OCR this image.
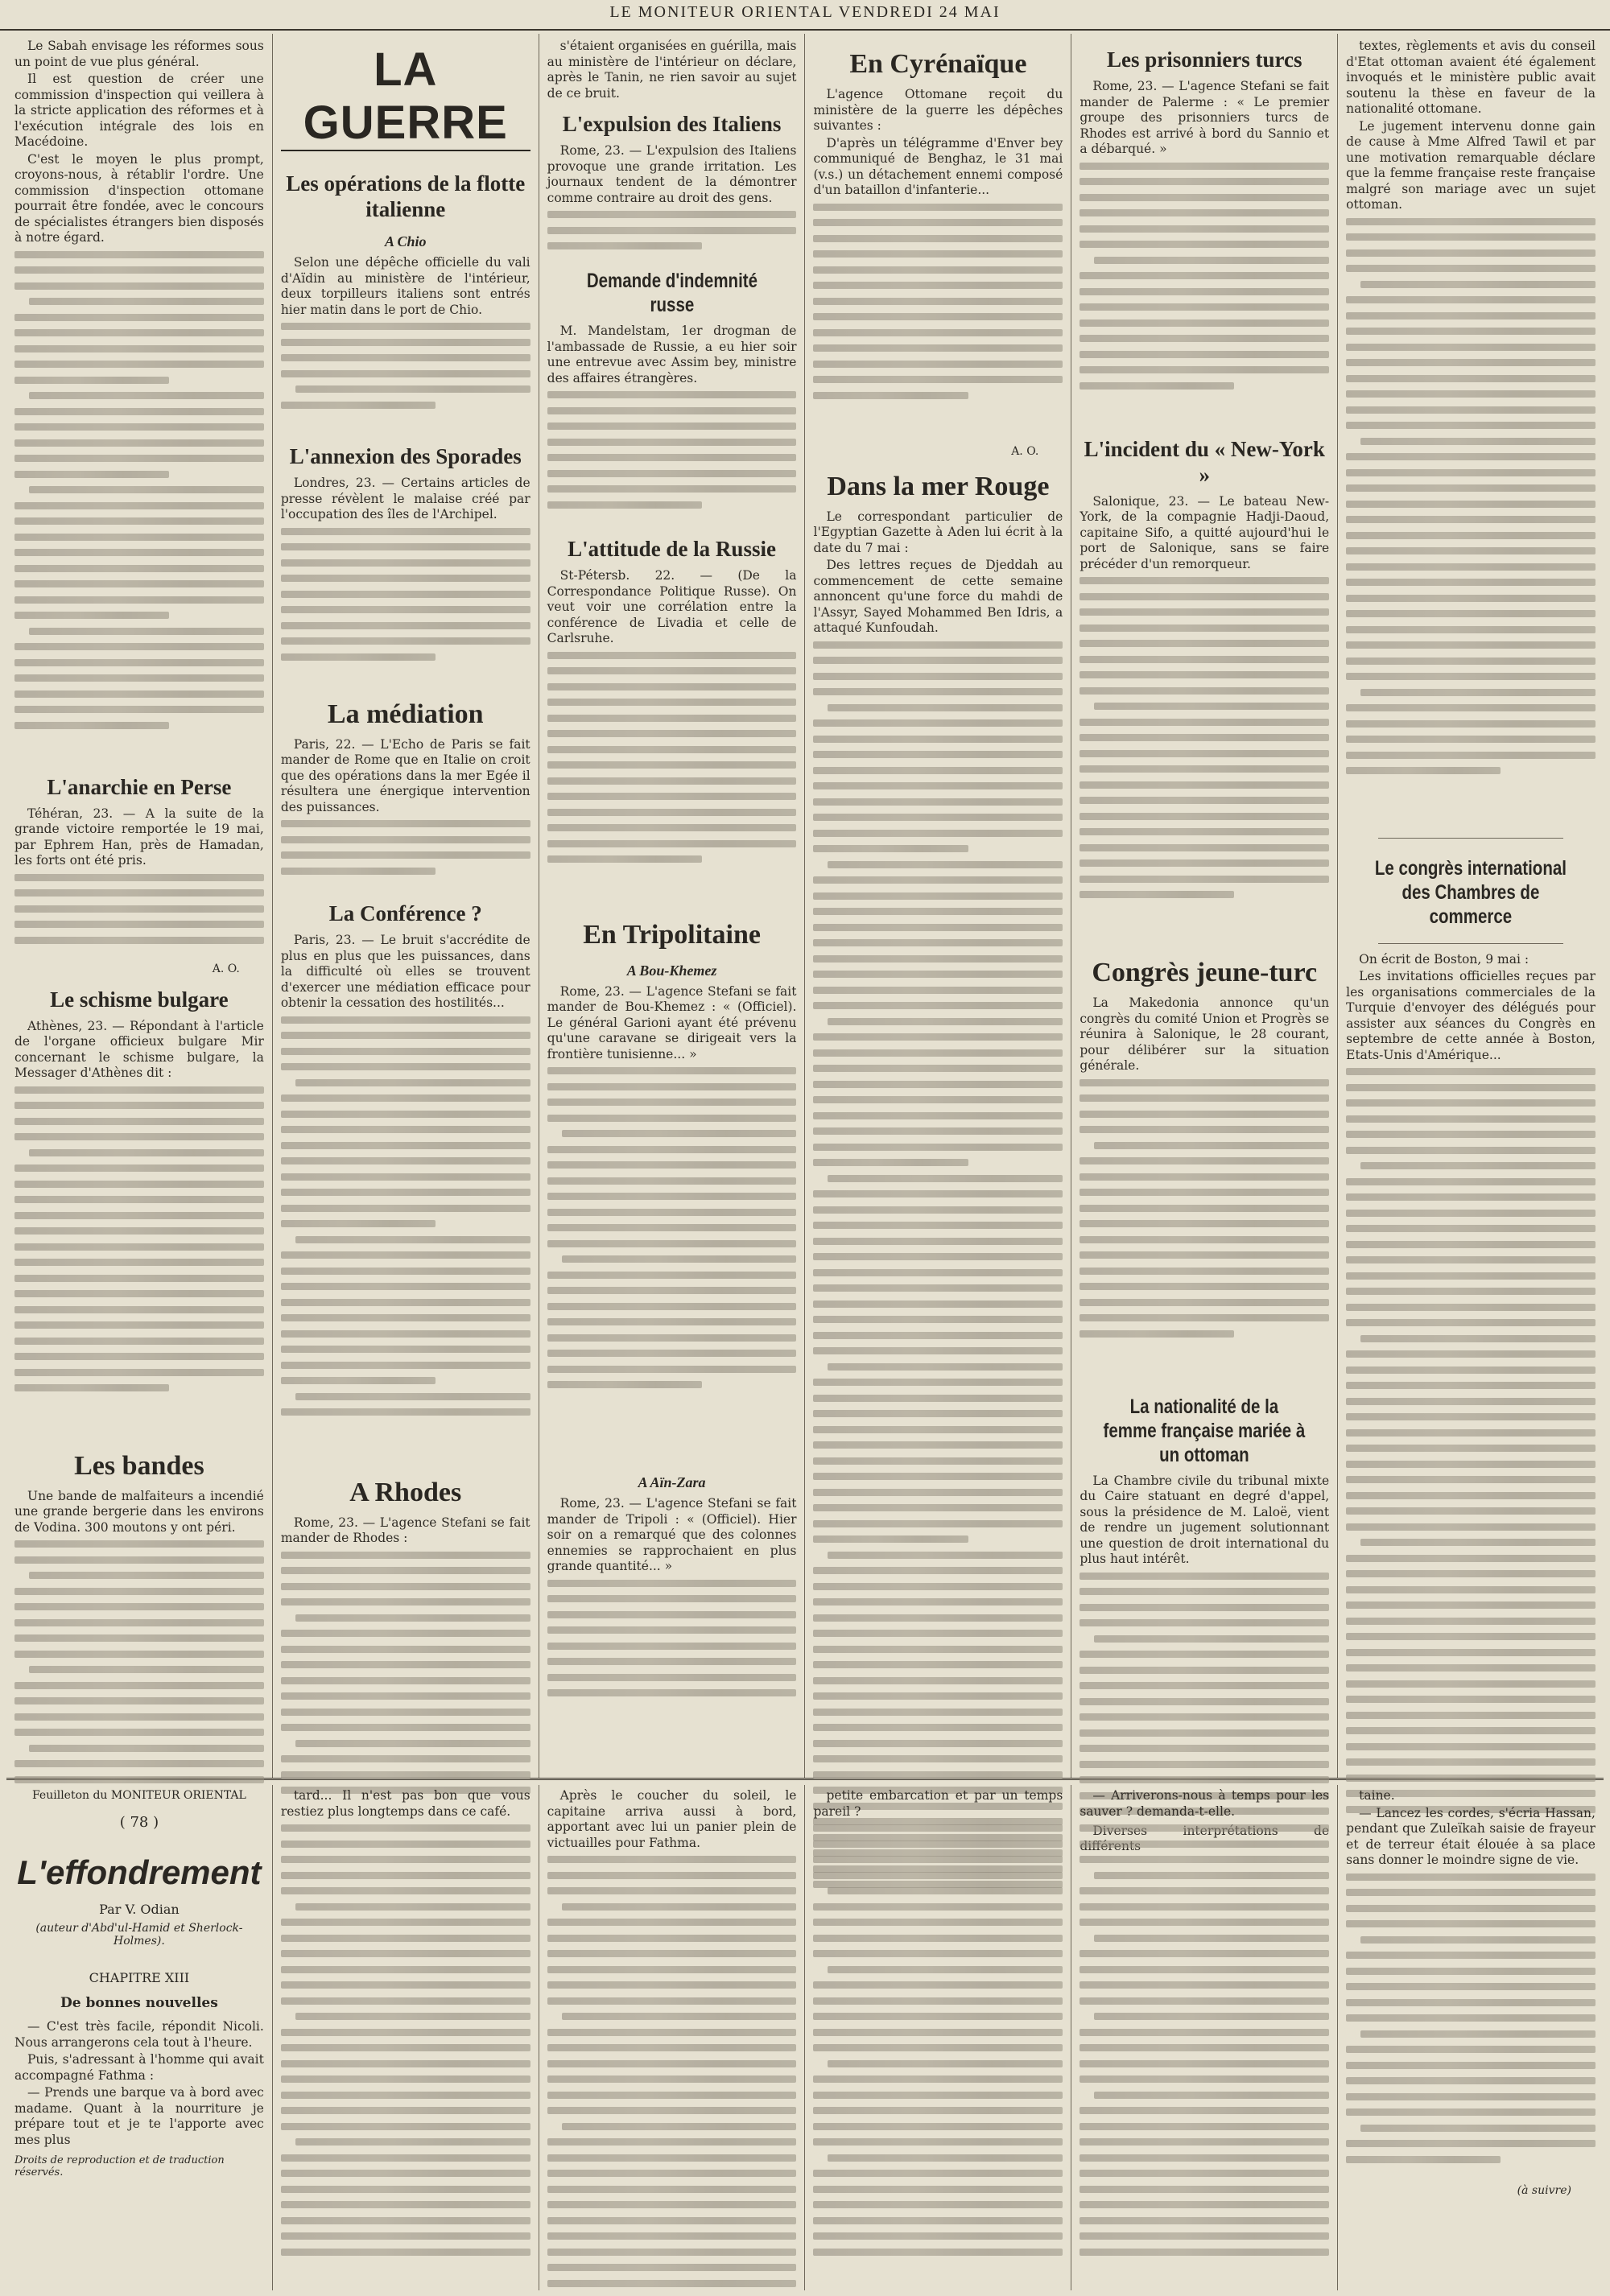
LE MONITEUR ORIENTAL VENDREDI 24 MAI

Le Sabah envisage les réformes sous un point de vue plus général.

Il est question de créer une commission d'inspection qui veillera à la stricte application des réformes et à l'exécution intégrale des lois en Macédoine.

C'est le moyen le plus prompt, croyons-nous, à rétablir l'ordre. Une commission d'inspection ottomane pourrait être fondée, avec le concours de spécialistes étrangers bien disposés à notre égard.

L'anarchie en Perse

Téhéran, 23. — A la suite de la grande victoire remportée le 19 mai, par Ephrem Han, près de Hamadan, les forts ont été pris.

A. O.
Le schisme bulgare

Athènes, 23. — Répondant à l'article de l'organe officieux bulgare Mir concernant le schisme bulgare, la Messager d'Athènes dit :

Les bandes

Une bande de malfaiteurs a incendié une grande bergerie dans les environs de Vodina. 300 moutons y ont péri.

LA GUERRE
Les opérations de la flotte italienne
A Chio

Selon une dépêche officielle du vali d'Aïdin au ministère de l'intérieur, deux torpilleurs italiens sont entrés hier matin dans le port de Chio.

L'annexion des Sporades

Londres, 23. — Certains articles de presse révèlent le malaise créé par l'occupation des îles de l'Archipel.

La médiation

Paris, 22. — L'Echo de Paris se fait mander de Rome que en Italie on croit que des opérations dans la mer Egée il résultera une énergique intervention des puissances.

La Conférence ?

Paris, 23. — Le bruit s'accrédite de plus en plus que les puissances, dans la difficulté où elles se trouvent d'exercer une médiation efficace pour obtenir la cessation des hostilités...

A Rhodes

Rome, 23. — L'agence Stefani se fait mander de Rhodes :

s'étaient organisées en guérilla, mais au ministère de l'intérieur on déclare, après le Tanin, ne rien savoir au sujet de ce bruit.

L'expulsion des Italiens

Rome, 23. — L'expulsion des Italiens provoque une grande irritation. Les journaux tendent de la démontrer comme contraire au droit des gens.

Demande d'indemnité russe

M. Mandelstam, 1er drogman de l'ambassade de Russie, a eu hier soir une entrevue avec Assim bey, ministre des affaires étrangères.

L'attitude de la Russie

St-Pétersb. 22. — (De la Correspondance Politique Russe). On veut voir une corrélation entre la conférence de Livadia et celle de Carlsruhe.

En Tripolitaine
A Bou-Khemez

Rome, 23. — L'agence Stefani se fait mander de Bou-Khemez : « (Officiel). Le général Garioni ayant été prévenu qu'une caravane se dirigeait vers la frontière tunisienne... »

A Aïn-Zara

Rome, 23. — L'agence Stefani se fait mander de Tripoli : « (Officiel). Hier soir on a remarqué que des colonnes ennemies se rapprochaient en plus grande quantité... »

En Cyrénaïque

L'agence Ottomane reçoit du ministère de la guerre les dépêches suivantes :

D'après un télégramme d'Enver bey communiqué de Benghaz, le 31 mai (v.s.) un détachement ennemi composé d'un bataillon d'infanterie...

A. O.
Dans la mer Rouge

Le correspondant particulier de l'Egyptian Gazette à Aden lui écrit à la date du 7 mai :

Des lettres reçues de Djeddah au commencement de cette semaine annoncent qu'une force du mahdi de l'Assyr, Sayed Mohammed Ben Idris, a attaqué Kunfoudah.

Les prisonniers turcs

Rome, 23. — L'agence Stefani se fait mander de Palerme : « Le premier groupe des prisonniers turcs de Rhodes est arrivé à bord du Sannio et a débarqué. »

L'incident du « New-York »

Salonique, 23. — Le bateau New-York, de la compagnie Hadji-Daoud, capitaine Sifo, a quitté aujourd'hui le port de Salonique, sans se faire précéder d'un remorqueur.

Congrès jeune-turc

La Makedonia annonce qu'un congrès du comité Union et Progrès se réunira à Salonique, le 28 courant, pour délibérer sur la situation générale.

La nationalité de la femme française mariée à un ottoman

La Chambre civile du tribunal mixte du Caire statuant en degré d'appel, sous la présidence de M. Laloë, vient de rendre un jugement solutionnant une question de droit international du plus haut intérêt.

textes, règlements et avis du conseil d'Etat ottoman avaient été également invoqués et le ministère public avait soutenu la thèse en faveur de la nationalité ottomane.

Le jugement intervenu donne gain de cause à Mme Alfred Tawil et par une motivation remarquable déclare que la femme française reste française malgré son mariage avec un sujet ottoman.

Le congrès international des Chambres de commerce

On écrit de Boston, 9 mai :

Les invitations officielles reçues par les organisations commerciales de la Turquie d'envoyer des délégués pour assister aux séances du Congrès en septembre de cette année à Boston, Etats-Unis d'Amérique...

Feuilleton du MONITEUR ORIENTAL
( 78 )
L'effondrement
Par V. Odian
(auteur d'Abd'ul-Hamid et Sherlock-Holmes).
CHAPITRE XIII
De bonnes nouvelles

— C'est très facile, répondit Nicoli. Nous arrangerons cela tout à l'heure.

Puis, s'adressant à l'homme qui avait accompagné Fathma :

— Prends une barque va à bord avec madame. Quant à la nourriture je prépare tout et je te l'apporte avec mes plus

Droits de reproduction et de traduction réservés.

tard... Il n'est pas bon que vous restiez plus longtemps dans ce café.

Après le coucher du soleil, le capitaine arriva aussi à bord, apportant avec lui un panier plein de victuailles pour Fathma.

petite embarcation et par un temps pareil ?

— Arriverons-nous à temps pour les sauver ? demanda-t-elle.

taine.

— Lancez les cordes, s'écria Hassan, pendant que Zuleïkah saisie de frayeur et de terreur était élouée à sa place sans donner le moindre signe de vie.

(à suivre)
